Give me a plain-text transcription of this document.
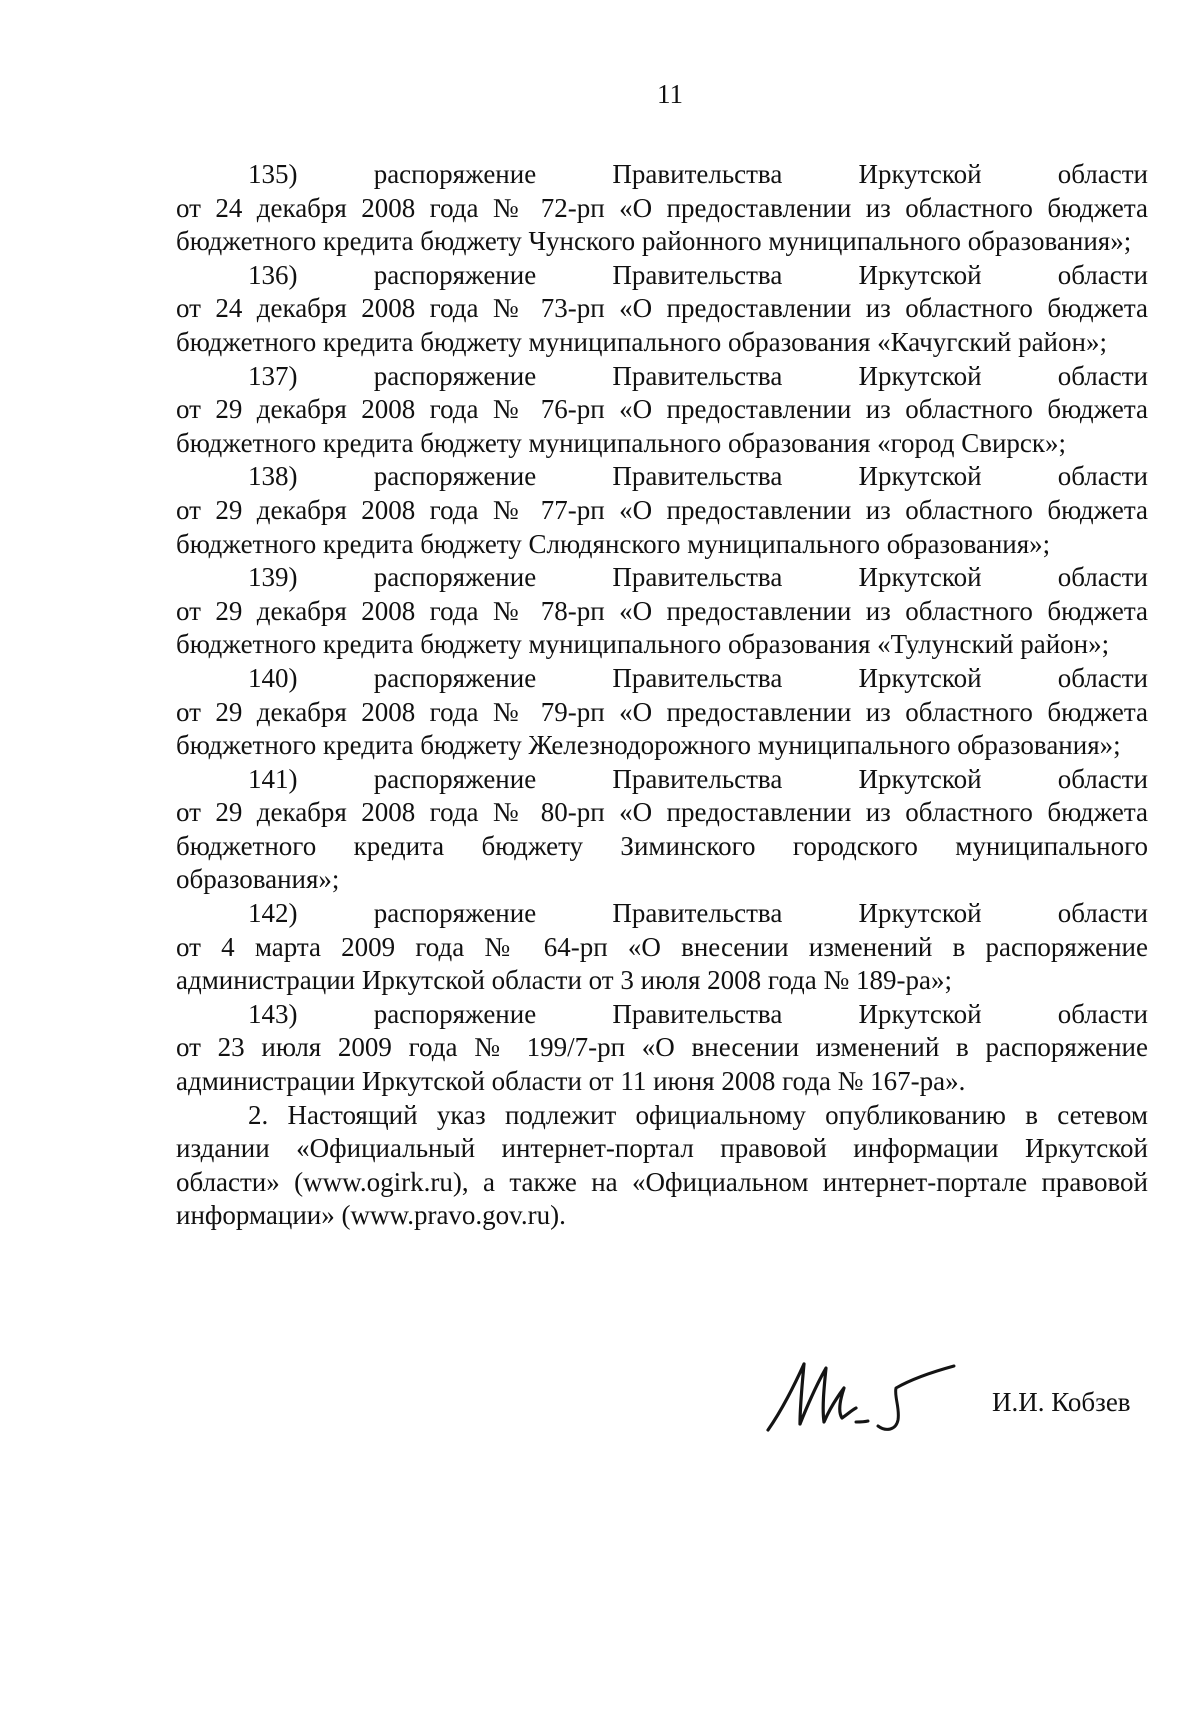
11
135)	распоряжение	Правительства	Иркутской	области
от 24 декабря 2008 года № 72-рп «О предоставлении из областного бюджета бюджетного кредита бюджету Чунского районного муниципального образования»;
136)	распоряжение	Правительства	Иркутской	области
от 24 декабря 2008 года № 73-рп «О предоставлении из областного бюджета бюджетного кредита бюджету муниципального образования «Качугский район»;
137)	распоряжение	Правительства	Иркутской	области
от 29 декабря 2008 года № 76-рп «О предоставлении из областного бюджета бюджетного кредита бюджету муниципального образования «город Свирск»;
138)	распоряжение	Правительства	Иркутской	области
от 29 декабря 2008 года № 77-рп «О предоставлении из областного бюджета бюджетного кредита бюджету Слюдянского муниципального образования»;
139)	распоряжение	Правительства	Иркутской	области
от 29 декабря 2008 года № 78-рп «О предоставлении из областного бюджета бюджетного кредита бюджету муниципального образования «Тулунский район»;
140)	распоряжение	Правительства	Иркутской	области
от 29 декабря 2008 года № 79-рп «О предоставлении из областного бюджета бюджетного кредита бюджету Железнодорожного муниципального образования»;
141)	распоряжение	Правительства	Иркутской	области
от 29 декабря 2008 года № 80-рп «О предоставлении из областного бюджета бюджетного кредита бюджету Зиминского городского муниципального образования»;
142)	распоряжение	Правительства	Иркутской	области
от 4 марта 2009 года № 64-рп «О внесении изменений в распоряжение администрации Иркутской области от 3 июля 2008 года № 189-ра»;
143)	распоряжение	Правительства	Иркутской	области
от 23 июля 2009 года № 199/7-рп «О внесении изменений в распоряжение администрации Иркутской области от 11 июня 2008 года № 167-ра».

2. Настоящий указ подлежит официальному опубликованию в сетевом издании «Официальный интернет-портал правовой информации Иркутской области» (www.ogirk.ru), а также на «Официальном интернет-портале правовой информации» (www.pravo.gov.ru).

И.И. Кобзев
